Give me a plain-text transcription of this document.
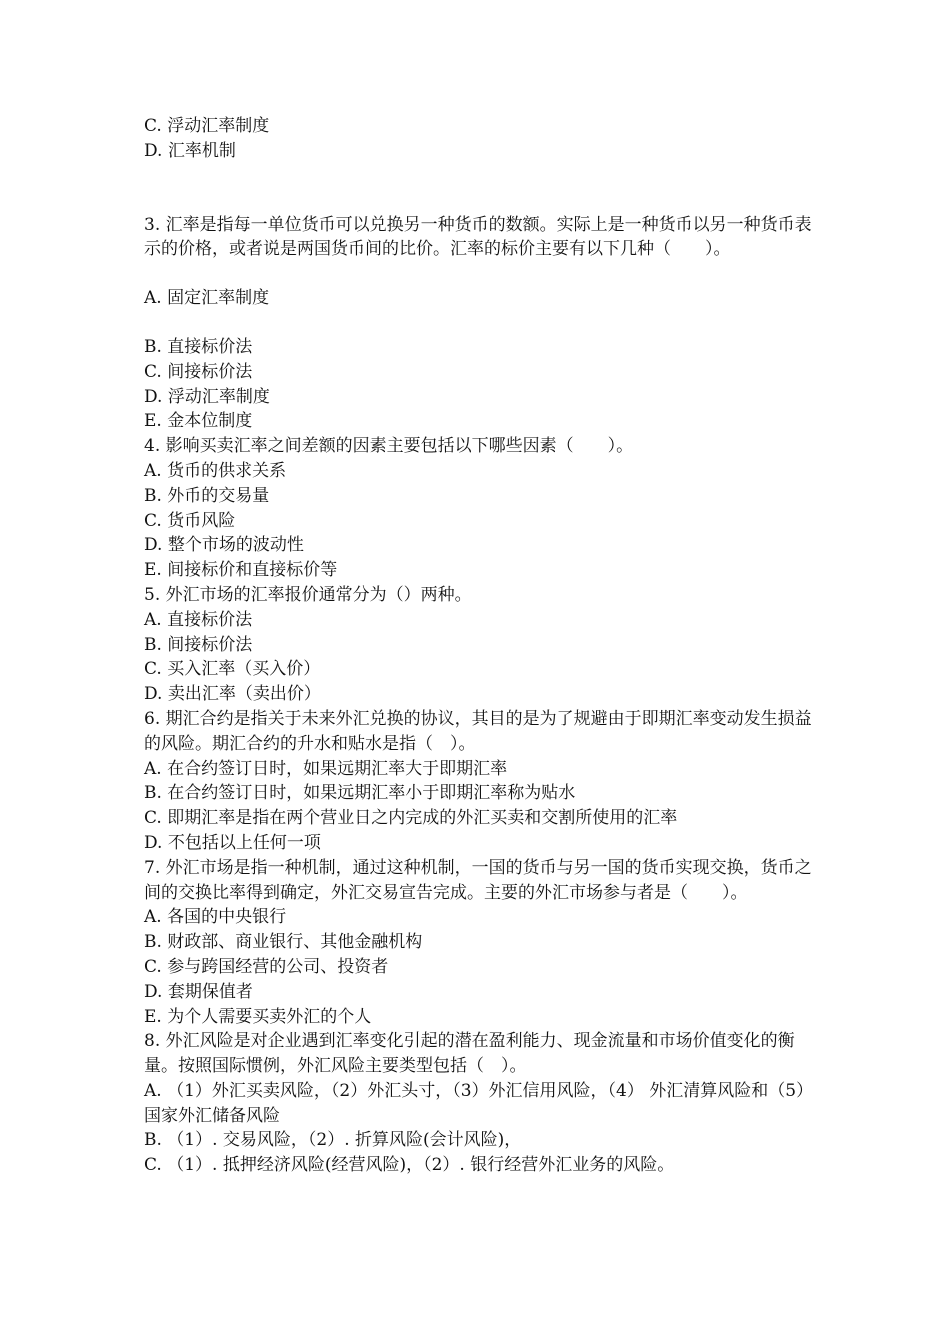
C. 浮动汇率制度
D. 汇率机制
3. 汇率是指每一单位货币可以兑换另一种货币的数额。实际上是一种货币以另一种货币表示的价格，或者说是两国货币间的比价。汇率的标价主要有以下几种（　　）。
A. 固定汇率制度
B. 直接标价法
C. 间接标价法
D. 浮动汇率制度
E. 金本位制度
4. 影响买卖汇率之间差额的因素主要包括以下哪些因素（　　）。
A. 货币的供求关系
B. 外币的交易量
C. 货币风险
D. 整个市场的波动性
E. 间接标价和直接标价等
5. 外汇市场的汇率报价通常分为（）两种。
A. 直接标价法
B. 间接标价法
C. 买入汇率（买入价）
D. 卖出汇率（卖出价）
6. 期汇合约是指关于未来外汇兑换的协议，其目的是为了规避由于即期汇率变动发生损益的风险。期汇合约的升水和贴水是指（　）。
A. 在合约签订日时，如果远期汇率大于即期汇率
B. 在合约签订日时，如果远期汇率小于即期汇率称为贴水
C. 即期汇率是指在两个营业日之内完成的外汇买卖和交割所使用的汇率
D. 不包括以上任何一项
7. 外汇市场是指一种机制，通过这种机制，一国的货币与另一国的货币实现交换，货币之间的交换比率得到确定，外汇交易宣告完成。主要的外汇市场参与者是（　　）。
A. 各国的中央银行
B. 财政部、商业银行、其他金融机构
C. 参与跨国经营的公司、投资者
D. 套期保值者
E. 为个人需要买卖外汇的个人
8. 外汇风险是对企业遇到汇率变化引起的潜在盈利能力、现金流量和市场价值变化的衡量。按照国际惯例，外汇风险主要类型包括（　）。
A. （1）外汇买卖风险，（2）外汇头寸，（3）外汇信用风险，（4） 外汇清算风险和（5）国家外汇储备风险
B. （1）. 交易风险，（2）. 折算风险(会计风险)，
C. （1）. 抵押经济风险(经营风险)，（2）. 银行经营外汇业务的风险。
